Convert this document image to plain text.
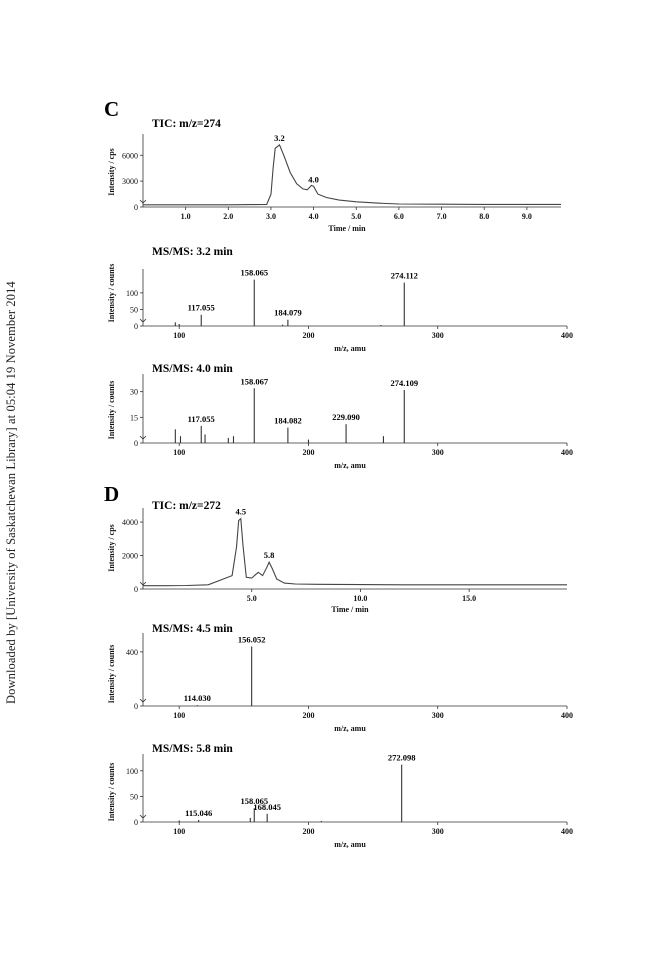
Downloaded by [University of Saskatchewan Library] at 05:04 19 November 2014
C
D
TIC: m/z=274
0
3000
6000
1.0	2.0	3.0	4.0	5.0	6.0	7.0	8.0	9.0
Time / min
Intensity / cps
3.2
4.0
MS/MS: 3.2 min
0
50
100
100	200	300	400
m/z, amu
Intensity / counts	117.055
158.065
184.079
274.112
MS/MS: 4.0 min
0
15
30
100	200	300	400
m/z, amu
Intensity / counts	117.055
158.067
184.082	229.090
274.109
TIC: m/z=272
0
2000
4000
5.0	10.0	15.0
Time / min
Intensity / cps
4.5
5.8
MS/MS: 4.5 min
0
400
100	200	300	400
m/z, amu
Intensity / counts	114.030
156.052
MS/MS: 5.8 min
0
50
100
100	200	300	400
m/z, amu
Intensity / counts	115.046
158.065
168.045
272.098
